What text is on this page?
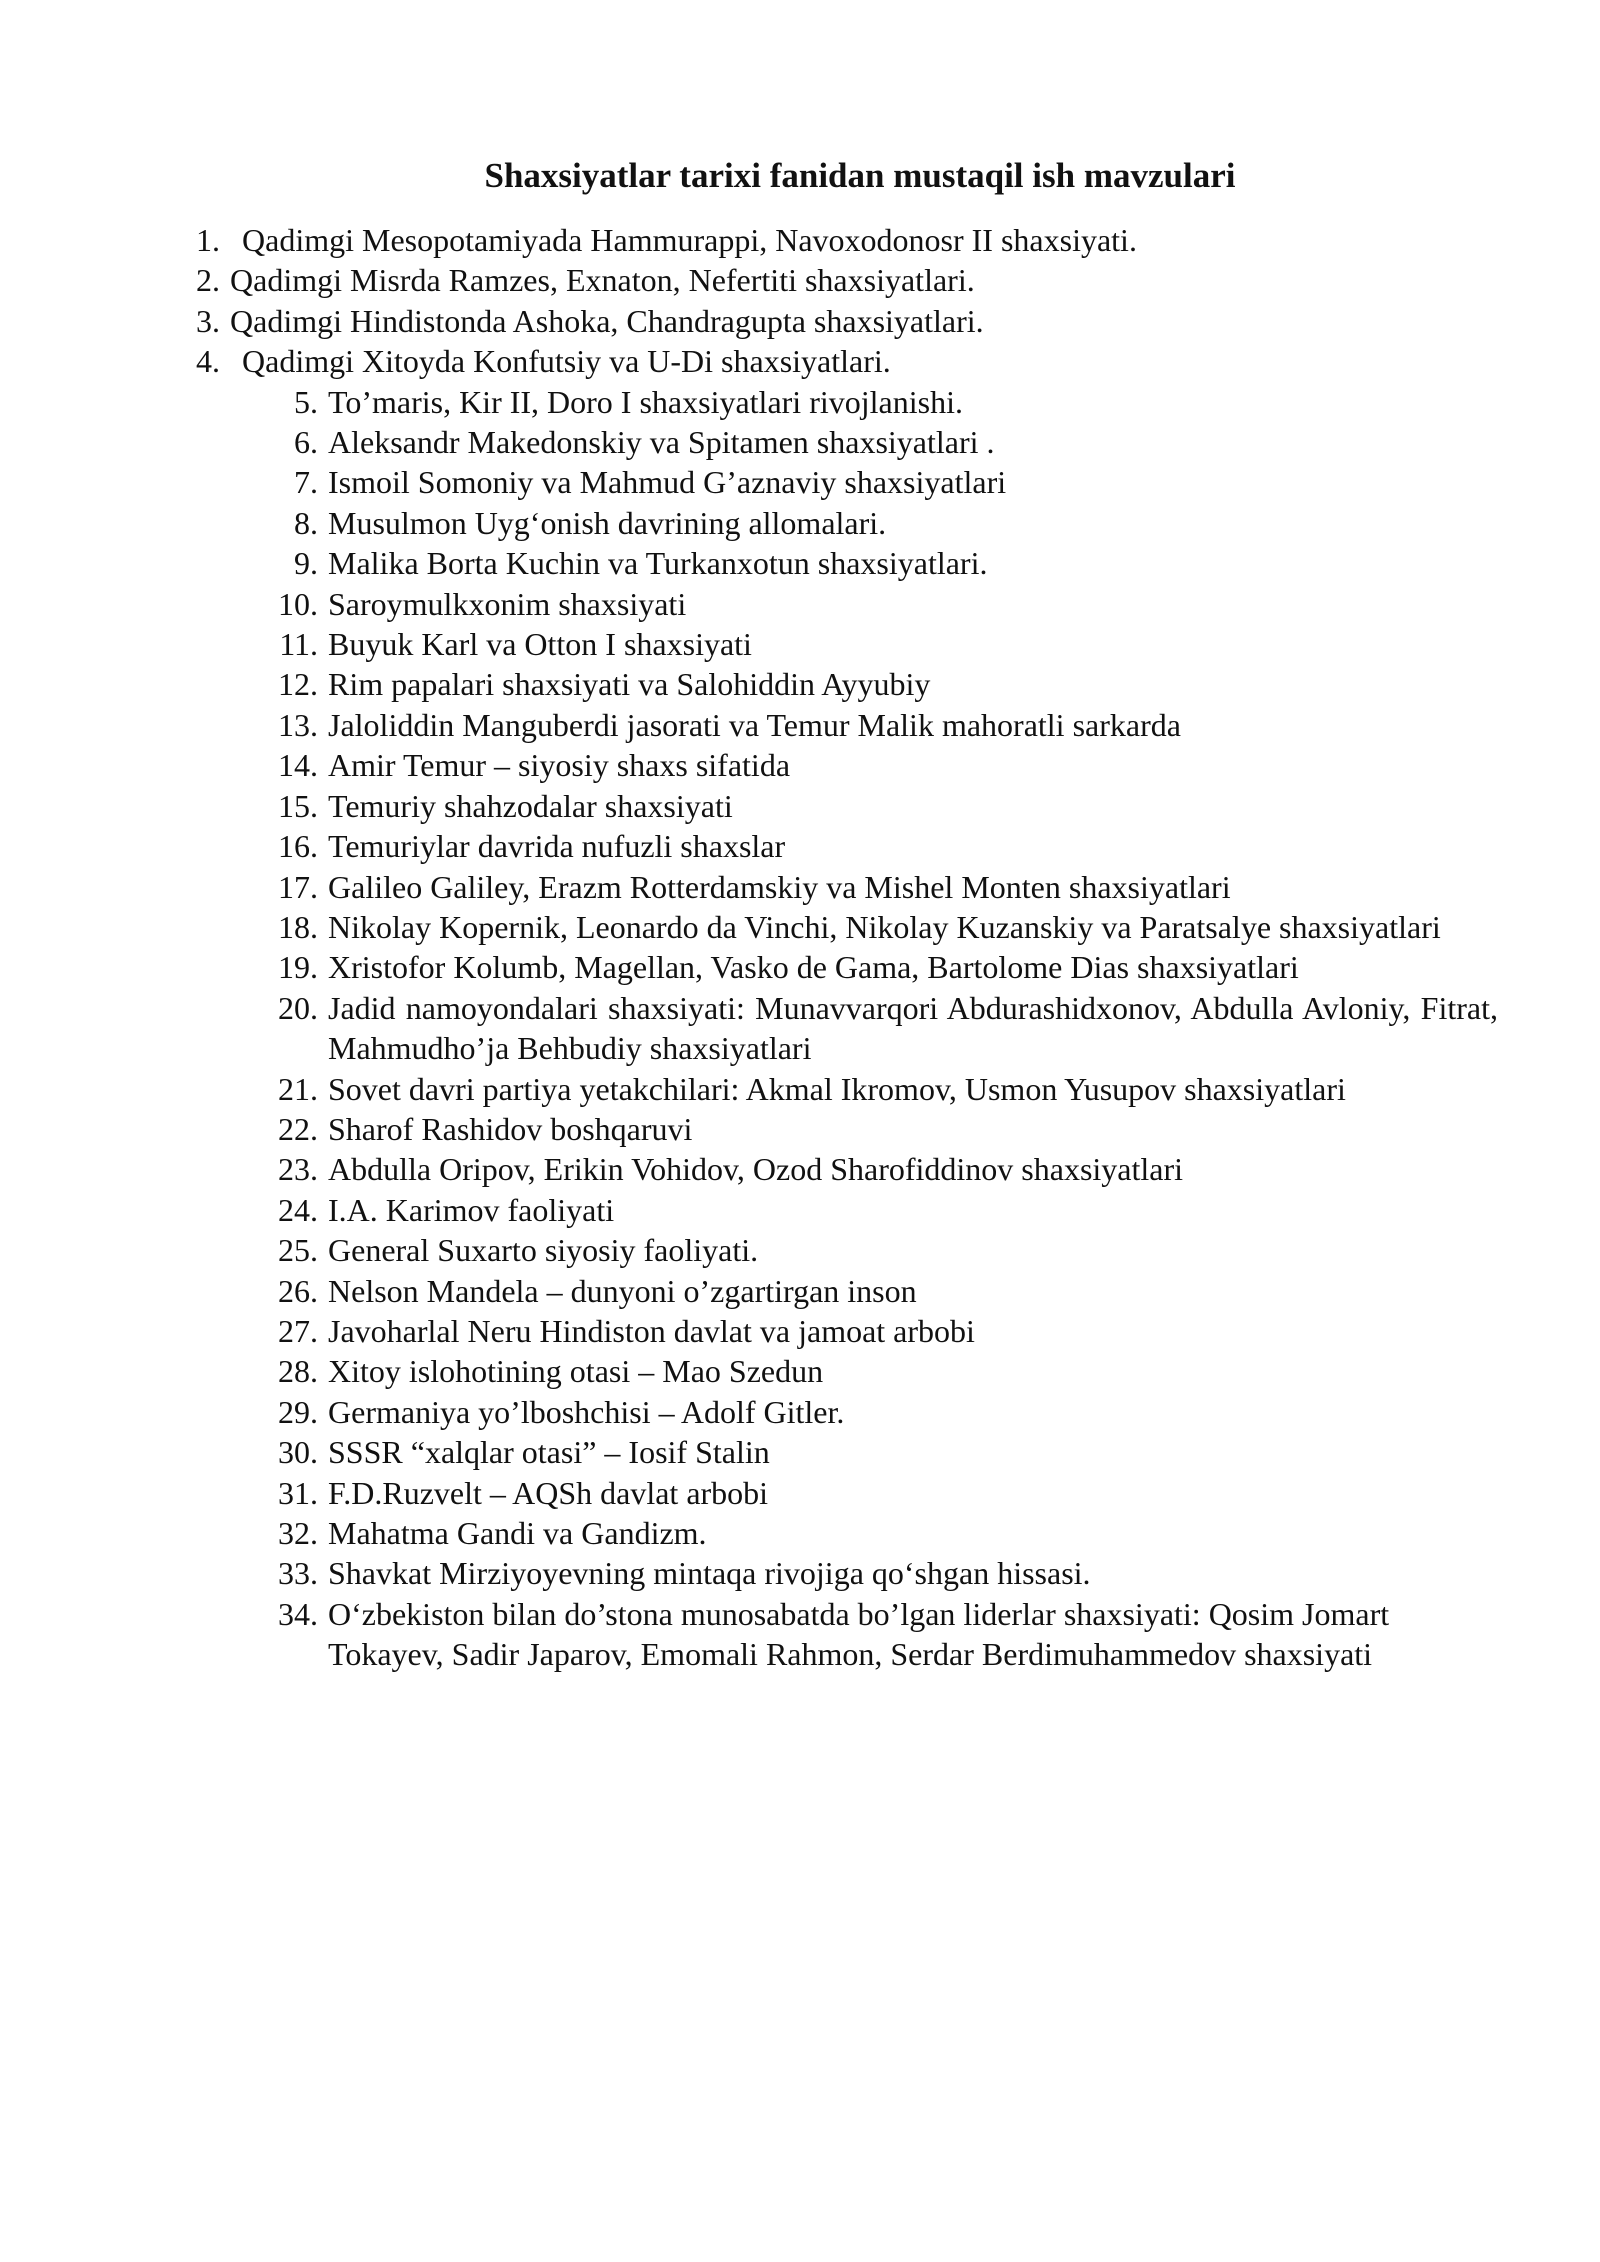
Shaxsiyatlar tarixi fanidan mustaqil ish mavzulari
1. Qadimgi Mesopotamiyada Hammurappi, Navoxodonosr II shaxsiyati.
2. Qadimgi Misrda Ramzes, Exnaton, Nefertiti shaxsiyatlari.
3. Qadimgi Hindistonda Ashoka, Chandragupta shaxsiyatlari.
4. Qadimgi Xitoyda Konfutsiy va U-Di shaxsiyatlari.
5. To’maris, Kir II, Doro I shaxsiyatlari rivojlanishi.
6. Aleksandr Makedonskiy va Spitamen shaxsiyatlari .
7. Ismoil Somoniy va Mahmud G’aznaviy shaxsiyatlari
8. Musulmon Uygʻonish davrining allomalari.
9. Malika Borta Kuchin va Turkanxotun shaxsiyatlari.
10. Saroymulkxonim shaxsiyati
11. Buyuk Karl va Otton I shaxsiyati
12. Rim papalari shaxsiyati va Salohiddin Ayyubiy
13. Jaloliddin Manguberdi jasorati va Temur Malik mahoratli sarkarda
14. Amir Temur – siyosiy shaxs sifatida
15. Temuriy shahzodalar shaxsiyati
16. Temuriylar davrida nufuzli shaxslar
17. Galileo Galiley, Erazm Rotterdamskiy va Mishel Monten shaxsiyatlari
18. Nikolay Kopernik, Leonardo da Vinchi, Nikolay Kuzanskiy va Paratsalye shaxsiyatlari
19. Xristofor Kolumb, Magellan, Vasko de Gama, Bartolome Dias shaxsiyatlari
20. Jadid namoyondalari shaxsiyati: Munavvarqori Abdurashidxonov, Abdulla Avloniy, Fitrat, Mahmudho’ja Behbudiy shaxsiyatlari
21. Sovet davri partiya yetakchilari: Akmal Ikromov, Usmon Yusupov shaxsiyatlari
22. Sharof Rashidov boshqaruvi
23. Abdulla Oripov, Erikin Vohidov, Ozod Sharofiddinov shaxsiyatlari
24. I.A. Karimov faoliyati
25. General Suxarto siyosiy faoliyati.
26. Nelson Mandela – dunyoni o’zgartirgan inson
27. Javoharlal Neru Hindiston davlat va jamoat arbobi
28. Xitoy islohotining otasi – Mao Szedun
29. Germaniya yo’lboshchisi – Adolf Gitler.
30. SSSR “xalqlar otasi” – Iosif Stalin
31. F.D.Ruzvelt – AQSh davlat arbobi
32. Mahatma Gandi va Gandizm.
33. Shavkat Mirziyoyevning mintaqa rivojiga qoʻshgan hissasi.
34. Oʻzbekiston bilan do’stona munosabatda bo’lgan liderlar shaxsiyati: Qosim Jomart Tokayev, Sadir Japarov, Emomali Rahmon, Serdar Berdimuhammedov shaxsiyati
